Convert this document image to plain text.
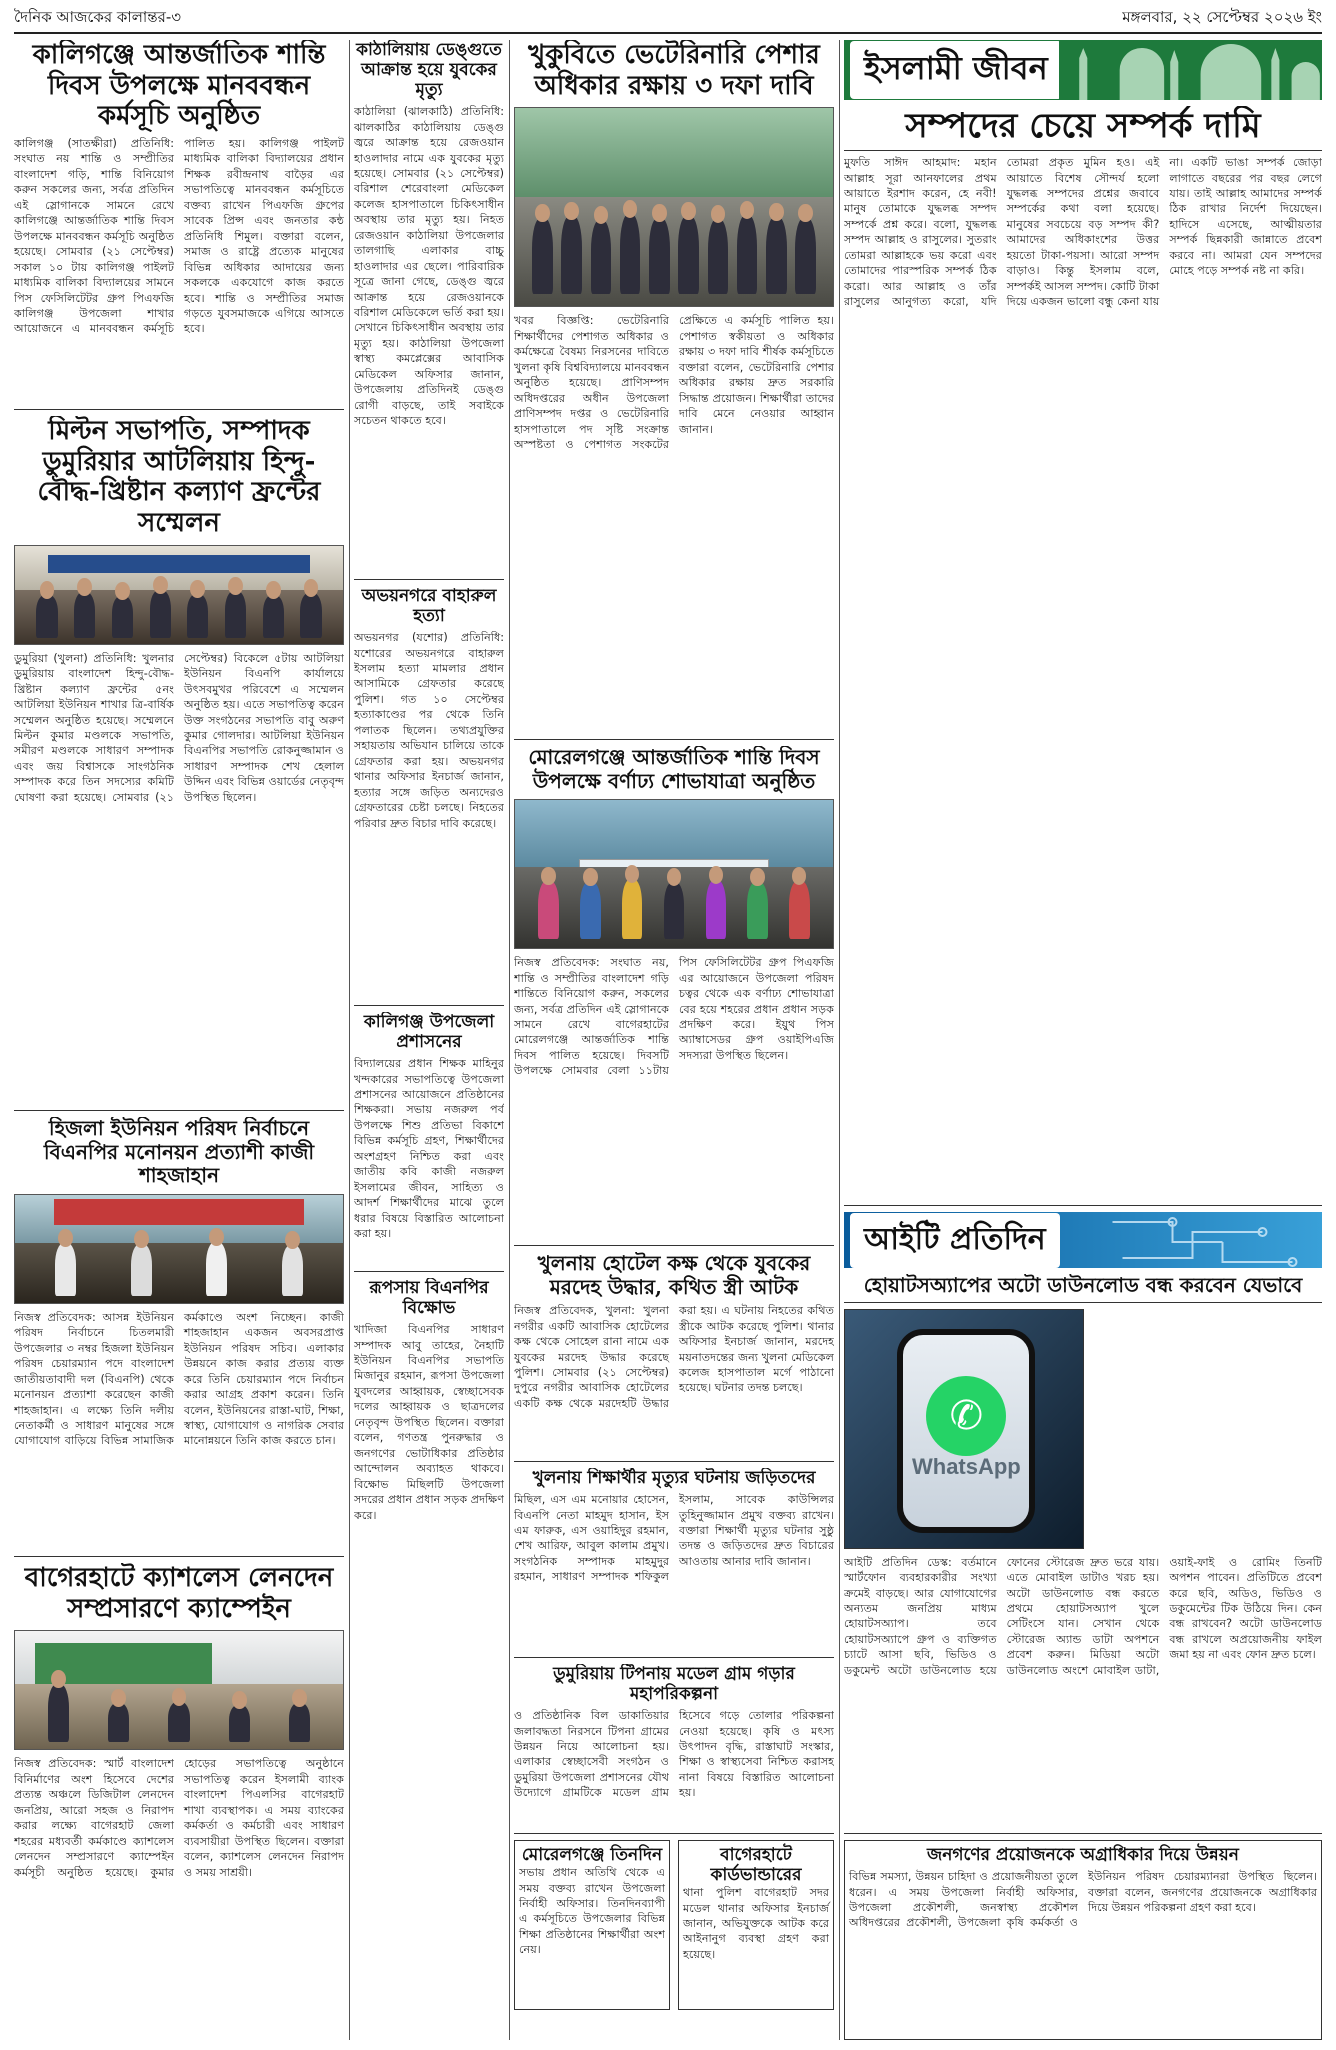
দৈনিক আজকের কালান্তর-৩	মঙ্গলবার, ২২ সেপ্টেম্বর ২০২৬ ইং
কালিগঞ্জে আন্তর্জাতিক শান্তি দিবস উপলক্ষে মানববন্ধন কর্মসূচি অনুষ্ঠিত
কালিগঞ্জ (সাতক্ষীরা) প্রতিনিধি: সংঘাত নয় শান্তি ও সম্প্রীতির বাংলাদেশ গড়ি, শান্তি বিনিয়োগ করুন সকলের জন্য, সর্বত্র প্রতিদিন এই স্লোগানকে সামনে রেখে কালিগঞ্জে আন্তর্জাতিক শান্তি দিবস উপলক্ষে মানববন্ধন কর্মসূচি অনুষ্ঠিত হয়েছে। সোমবার (২১ সেপ্টেম্বর) সকাল ১০ টায় কালিগঞ্জ পাইলট মাধ্যমিক বালিকা বিদ্যালয়ের সামনে পিস ফেসিলিটেটর গ্রুপ পিএফজি কালিগঞ্জ উপজেলা শাখার আয়োজনে এ মানববন্ধন কর্মসূচি পালিত হয়। কালিগঞ্জ পাইলট মাধ্যমিক বালিকা বিদ্যালয়ের প্রধান শিক্ষক রবীন্দ্রনাথ বাড়ৈর এর সভাপতিত্বে মানববন্ধন কর্মসূচিতে বক্তব্য রাখেন পিএফজি গ্রুপের সাবেক প্রিন্স এবং জনতার কন্ঠ প্রতিনিধি শিমুল। বক্তারা বলেন, সমাজ ও রাষ্ট্রে প্রত্যেক মানুষের বিভিন্ন অধিকার আদায়ের জন্য সকলকে একযোগে কাজ করতে হবে। শান্তি ও সম্প্রীতির সমাজ গড়তে যুবসমাজকে এগিয়ে আসতে হবে।
মিল্টন সভাপতি, সম্পাদক ডুমুরিয়ার আটলিয়ায় হিন্দু-বৌদ্ধ-খ্রিষ্টান কল্যাণ ফ্রন্টের সম্মেলন
ডুমুরিয়া (খুলনা) প্রতিনিধি: খুলনার ডুমুরিয়ায় বাংলাদেশ হিন্দু-বৌদ্ধ-খ্রিষ্টান কল্যাণ ফ্রন্টের ৫নং আটলিয়া ইউনিয়ন শাখার ত্রি-বার্ষিক সম্মেলন অনুষ্ঠিত হয়েছে। সম্মেলনে মিল্টন কুমার মণ্ডলকে সভাপতি, সমীরণ মণ্ডলকে সাধারণ সম্পাদক এবং জয় বিশ্বাসকে সাংগঠনিক সম্পাদক করে তিন সদস্যের কমিটি ঘোষণা করা হয়েছে। সোমবার (২১ সেপ্টেম্বর) বিকেলে ৫টায় আটলিয়া ইউনিয়ন বিএনপি কার্যালয়ে উৎসবমুখর পরিবেশে এ সম্মেলন অনুষ্ঠিত হয়। এতে সভাপতিত্ব করেন উক্ত সংগঠনের সভাপতি বাবু অরুণ কুমার গোলদার। আটলিয়া ইউনিয়ন বিএনপির সভাপতি রোকনুজ্জামান ও সাধারণ সম্পাদক শেখ হেলাল উদ্দিন এবং বিভিন্ন ওয়ার্ডের নেতৃবৃন্দ উপস্থিত ছিলেন।
হিজলা ইউনিয়ন পরিষদ নির্বাচনে বিএনপির মনোনয়ন প্রত্যাশী কাজী শাহজাহান
নিজস্ব প্রতিবেদক: আসন্ন ইউনিয়ন পরিষদ নির্বাচনে চিতলমারী উপজেলার ৩ নম্বর হিজলা ইউনিয়ন পরিষদ চেয়ারম্যান পদে বাংলাদেশ জাতীয়তাবাদী দল (বিএনপি) থেকে মনোনয়ন প্রত্যাশা করেছেন কাজী শাহজাহান। এ লক্ষ্যে তিনি দলীয় নেতাকর্মী ও সাধারণ মানুষের সঙ্গে যোগাযোগ বাড়িয়ে বিভিন্ন সামাজিক কর্মকাণ্ডে অংশ নিচ্ছেন। কাজী শাহজাহান একজন অবসরপ্রাপ্ত ইউনিয়ন পরিষদ সচিব। এলাকার উন্নয়নে কাজ করার প্রত্যয় ব্যক্ত করে তিনি চেয়ারম্যান পদে নির্বাচন করার আগ্রহ প্রকাশ করেন। তিনি বলেন, ইউনিয়নের রাস্তা-ঘাট, শিক্ষা, স্বাস্থ্য, যোগাযোগ ও নাগরিক সেবার মানোন্নয়নে তিনি কাজ করতে চান।
বাগেরহাটে ক্যাশলেস লেনদেন সম্প্রসারণে ক্যাম্পেইন
নিজস্ব প্রতিবেদক: স্মার্ট বাংলাদেশ বিনির্মাণের অংশ হিসেবে দেশের প্রত্যন্ত অঞ্চলে ডিজিটাল লেনদেন জনপ্রিয়, আরো সহজ ও নিরাপদ করার লক্ষ্যে বাগেরহাট জেলা শহরের মধ্যবর্তী কর্মকাণ্ডে ক্যাশলেস লেনদেন সম্প্রসারণে ক্যাম্পেইন কর্মসূচী অনুষ্ঠিত হয়েছে। কুমার হোড়ের সভাপতিত্বে অনুষ্ঠানে সভাপতিত্ব করেন ইসলামী ব্যাংক বাংলাদেশ পিএলসির বাগেরহাট শাখা ব্যবস্থাপক। এ সময় ব্যাংকের কর্মকর্তা ও কর্মচারী এবং সাধারণ ব্যবসায়ীরা উপস্থিত ছিলেন। বক্তারা বলেন, ক্যাশলেস লেনদেন নিরাপদ ও সময় সাশ্রয়ী।
কাঠালিয়ায় ডেঙ্গুতে আক্রান্ত হয়ে যুবকের মৃত্যু
কাঠালিয়া (ঝালকাঠি) প্রতিনিধি: ঝালকাঠির কাঠালিয়ায় ডেঙ্গু জ্বরে আক্রান্ত হয়ে রেজওয়ান হাওলাদার নামে এক যুবকের মৃত্যু হয়েছে। সোমবার (২১ সেপ্টেম্বর) বরিশাল শেরেবাংলা মেডিকেল কলেজ হাসপাতালে চিকিৎসাধীন অবস্থায় তার মৃত্যু হয়। নিহত রেজওয়ান কাঠালিয়া উপজেলার তালগাছি এলাকার বাচ্চু হাওলাদার এর ছেলে। পারিবারিক সূত্রে জানা গেছে, ডেঙ্গু জ্বরে আক্রান্ত হয়ে রেজওয়ানকে বরিশাল মেডিকেলে ভর্তি করা হয়। সেখানে চিকিৎসাধীন অবস্থায় তার মৃত্যু হয়। কাঠালিয়া উপজেলা স্বাস্থ্য কমপ্লেক্সের আবাসিক মেডিকেল অফিসার জানান, উপজেলায় প্রতিদিনই ডেঙ্গু রোগী বাড়ছে, তাই সবাইকে সচেতন থাকতে হবে।
অভয়নগরে বাহারুল হত্যা
অভয়নগর (যশোর) প্রতিনিধি: যশোরের অভয়নগরে বাহারুল ইসলাম হত্যা মামলার প্রধান আসামিকে গ্রেফতার করেছে পুলিশ। গত ১০ সেপ্টেম্বর হত্যাকাণ্ডের পর থেকে তিনি পলাতক ছিলেন। তথ্যপ্রযুক্তির সহায়তায় অভিযান চালিয়ে তাকে গ্রেফতার করা হয়। অভয়নগর থানার অফিসার ইনচার্জ জানান, হত্যার সঙ্গে জড়িত অন্যদেরও গ্রেফতারের চেষ্টা চলছে। নিহতের পরিবার দ্রুত বিচার দাবি করেছে।
কালিগঞ্জ উপজেলা প্রশাসনের
বিদ্যালয়ের প্রধান শিক্ষক মাহিনুর খন্দকারের সভাপতিত্বে উপজেলা প্রশাসনের আয়োজনে প্রতিষ্ঠানের শিক্ষকরা। সভায় নজরুল পর্ব উপলক্ষে শিশু প্রতিভা বিকাশে বিভিন্ন কর্মসূচি গ্রহণ, শিক্ষার্থীদের অংশগ্রহণ নিশ্চিত করা এবং জাতীয় কবি কাজী নজরুল ইসলামের জীবন, সাহিত্য ও আদর্শ শিক্ষার্থীদের মাঝে তুলে ধরার বিষয়ে বিস্তারিত আলোচনা করা হয়।
রূপসায় বিএনপির বিক্ষোভ
খাদিজা বিএনপির সাধারণ সম্পাদক আবু তাহের, নৈহাটি ইউনিয়ন বিএনপির সভাপতি মিজানুর রহমান, রূপসা উপজেলা যুবদলের আহ্বায়ক, স্বেচ্ছাসেবক দলের আহ্বায়ক ও ছাত্রদলের নেতৃবৃন্দ উপস্থিত ছিলেন। বক্তারা বলেন, গণতন্ত্র পুনরুদ্ধার ও জনগণের ভোটাধিকার প্রতিষ্ঠার আন্দোলন অব্যাহত থাকবে। বিক্ষোভ মিছিলটি উপজেলা সদরের প্রধান প্রধান সড়ক প্রদক্ষিণ করে।
খুকুবিতে ভেটেরিনারি পেশার অধিকার রক্ষায় ৩ দফা দাবি
খবর বিজ্ঞপ্তি: ভেটেরিনারি শিক্ষার্থীদের পেশাগত অধিকার ও কর্মক্ষেত্রে বৈষম্য নিরসনের দাবিতে খুলনা কৃষি বিশ্ববিদ্যালয়ে মানববন্ধন অনুষ্ঠিত হয়েছে। প্রাণিসম্পদ অধিদপ্তরের অধীন উপজেলা প্রাণিসম্পদ দপ্তর ও ভেটেরিনারি হাসপাতালে পদ সৃষ্টি সংক্রান্ত অস্পষ্টতা ও পেশাগত সংকটের প্রেক্ষিতে এ কর্মসূচি পালিত হয়। পেশাগত স্বকীয়তা ও অধিকার রক্ষায় ৩ দফা দাবি শীর্ষক কর্মসূচিতে বক্তারা বলেন, ভেটেরিনারি পেশার অধিকার রক্ষায় দ্রুত সরকারি সিদ্ধান্ত প্রয়োজন। শিক্ষার্থীরা তাদের দাবি মেনে নেওয়ার আহ্বান জানান।
মোরেলগঞ্জে আন্তর্জাতিক শান্তি দিবস উপলক্ষে বর্ণাঢ্য শোভাযাত্রা অনুষ্ঠিত
নিজস্ব প্রতিবেদক: সংঘাত নয়, শান্তি ও সম্প্রীতির বাংলাদেশ গড়ি শান্তিতে বিনিয়োগ করুন, সকলের জন্য, সর্বত্র প্রতিদিন এই স্লোগানকে সামনে রেখে বাগেরহাটের মোরেলগঞ্জে আন্তর্জাতিক শান্তি দিবস পালিত হয়েছে। দিবসটি উপলক্ষে সোমবার বেলা ১১টায় পিস ফেসিলিটেটর গ্রুপ পিএফজি এর আয়োজনে উপজেলা পরিষদ চত্বর থেকে এক বর্ণাঢ্য শোভাযাত্রা বের হয়ে শহরের প্রধান প্রধান সড়ক প্রদক্ষিণ করে। ইয়ুথ পিস অ্যাম্বাসেডর গ্রুপ ওয়াইপিএজি সদস্যরা উপস্থিত ছিলেন।
খুলনায় হোটেল কক্ষ থেকে যুবকের মরদেহ উদ্ধার, কথিত স্ত্রী আটক
নিজস্ব প্রতিবেদক, খুলনা: খুলনা নগরীর একটি আবাসিক হোটেলের কক্ষ থেকে সোহেল রানা নামে এক যুবকের মরদেহ উদ্ধার করেছে পুলিশ। সোমবার (২১ সেপ্টেম্বর) দুপুরে নগরীর আবাসিক হোটেলের একটি কক্ষ থেকে মরদেহটি উদ্ধার করা হয়। এ ঘটনায় নিহতের কথিত স্ত্রীকে আটক করেছে পুলিশ। থানার অফিসার ইনচার্জ জানান, মরদেহ ময়নাতদন্তের জন্য খুলনা মেডিকেল কলেজ হাসপাতাল মর্গে পাঠানো হয়েছে। ঘটনার তদন্ত চলছে।
খুলনায় শিক্ষার্থীর মৃত্যুর ঘটনায় জড়িতদের
মিছিল, এস এম মনোয়ার হোসেন, বিএনপি নেতা মাহমুদ হাসান, ইস এম ফারুক, এস ওয়াহিদুর রহমান, শেখ আরিফ, আবুল কালাম প্রমুখ। সংগঠনিক সম্পাদক মাহমুদুর রহমান, সাধারণ সম্পাদক শফিকুল ইসলাম, সাবেক কাউন্সিলর তুহিনুজ্জামান প্রমুখ বক্তব্য রাখেন। বক্তারা শিক্ষার্থী মৃত্যুর ঘটনার সুষ্ঠু তদন্ত ও জড়িতদের দ্রুত বিচারের আওতায় আনার দাবি জানান।
ডুমুরিয়ায় টিপনায় মডেল গ্রাম গড়ার মহাপরিকল্পনা
ও প্রতিষ্ঠানিক বিল ডাকাতিয়ার জলাবদ্ধতা নিরসনে টিপনা গ্রামের উন্নয়ন নিয়ে আলোচনা হয়। এলাকার স্বেচ্ছাসেবী সংগঠন ও ডুমুরিয়া উপজেলা প্রশাসনের যৌথ উদ্যোগে গ্রামটিকে মডেল গ্রাম হিসেবে গড়ে তোলার পরিকল্পনা নেওয়া হয়েছে। কৃষি ও মৎস্য উৎপাদন বৃদ্ধি, রাস্তাঘাট সংস্কার, শিক্ষা ও স্বাস্থ্যসেবা নিশ্চিত করাসহ নানা বিষয়ে বিস্তারিত আলোচনা হয়।
মোরেলগঞ্জে তিনদিন
সভায় প্রধান অতিথি থেকে এ সময় বক্তব্য রাখেন উপজেলা নির্বাহী অফিসার। তিনদিনব্যাপী এ কর্মসূচিতে উপজেলার বিভিন্ন শিক্ষা প্রতিষ্ঠানের শিক্ষার্থীরা অংশ নেয়।
বাগেরহাটে কার্ডভান্ডারের
থানা পুলিশ বাগেরহাট সদর মডেল থানার অফিসার ইনচার্জ জানান, অভিযুক্তকে আটক করে আইনানুগ ব্যবস্থা গ্রহণ করা হয়েছে।
ইসলামী জীবন
সম্পদের চেয়ে সম্পর্ক দামি
মুফতি সাঈদ আহমাদ: মহান আল্লাহ সূরা আনফালের প্রথম আয়াতে ইরশাদ করেন, হে নবী! মানুষ তোমাকে যুদ্ধলব্ধ সম্পদ সম্পর্কে প্রশ্ন করে। বলো, যুদ্ধলব্ধ সম্পদ আল্লাহ ও রাসুলের। সুতরাং তোমরা আল্লাহকে ভয় করো এবং তোমাদের পারস্পরিক সম্পর্ক ঠিক করো। আর আল্লাহ ও তাঁর রাসুলের আনুগত্য করো, যদি তোমরা প্রকৃত মুমিন হও। এই আয়াতে বিশেষ সৌন্দর্য হলো যুদ্ধলব্ধ সম্পদের প্রশ্নের জবাবে সম্পর্কের কথা বলা হয়েছে। মানুষের সবচেয়ে বড় সম্পদ কী? আমাদের অধিকাংশের উত্তর হয়তো টাকা-পয়সা। আরো সম্পদ বাড়াও। কিন্তু ইসলাম বলে, সম্পর্কই আসল সম্পদ। কোটি টাকা দিয়ে একজন ভালো বন্ধু কেনা যায় না। একটি ভাঙা সম্পর্ক জোড়া লাগাতে বছরের পর বছর লেগে যায়। তাই আল্লাহ আমাদের সম্পর্ক ঠিক রাখার নির্দেশ দিয়েছেন। হাদিসে এসেছে, আত্মীয়তার সম্পর্ক ছিন্নকারী জান্নাতে প্রবেশ করবে না। আমরা যেন সম্পদের মোহে পড়ে সম্পর্ক নষ্ট না করি।
আইটি প্রতিদিন
হোয়াটসঅ্যাপের অটো ডাউনলোড বন্ধ করবেন যেভাবে
✆
WhatsApp
আইটি প্রতিদিন ডেস্ক: বর্তমানে স্মার্টফোন ব্যবহারকারীর সংখ্যা ক্রমেই বাড়ছে। আর যোগাযোগের অন্যতম জনপ্রিয় মাধ্যম হোয়াটসঅ্যাপ। তবে হোয়াটসঅ্যাপে গ্রুপ ও ব্যক্তিগত চ্যাটে আসা ছবি, ভিডিও ও ডকুমেন্ট অটো ডাউনলোড হয়ে ফোনের স্টোরেজ দ্রুত ভরে যায়। এতে মোবাইল ডাটাও খরচ হয়। অটো ডাউনলোড বন্ধ করতে প্রথমে হোয়াটসঅ্যাপ খুলে সেটিংসে যান। সেখান থেকে স্টোরেজ অ্যান্ড ডাটা অপশনে প্রবেশ করুন। মিডিয়া অটো ডাউনলোড অংশে মোবাইল ডাটা, ওয়াই-ফাই ও রোমিং তিনটি অপশন পাবেন। প্রতিটিতে প্রবেশ করে ছবি, অডিও, ভিডিও ও ডকুমেন্টের টিক উঠিয়ে দিন। কেন বন্ধ রাখবেন? অটো ডাউনলোড বন্ধ রাখলে অপ্রয়োজনীয় ফাইল জমা হয় না এবং ফোন দ্রুত চলে।
জনগণের প্রয়োজনকে অগ্রাধিকার দিয়ে উন্নয়ন
বিভিন্ন সমস্যা, উন্নয়ন চাহিদা ও প্রয়োজনীয়তা তুলে ধরেন। এ সময় উপজেলা নির্বাহী অফিসার, উপজেলা প্রকৌশলী, জনস্বাস্থ্য প্রকৌশল অধিদপ্তরের প্রকৌশলী, উপজেলা কৃষি কর্মকর্তা ও ইউনিয়ন পরিষদ চেয়ারম্যানরা উপস্থিত ছিলেন। বক্তারা বলেন, জনগণের প্রয়োজনকে অগ্রাধিকার দিয়ে উন্নয়ন পরিকল্পনা গ্রহণ করা হবে।
